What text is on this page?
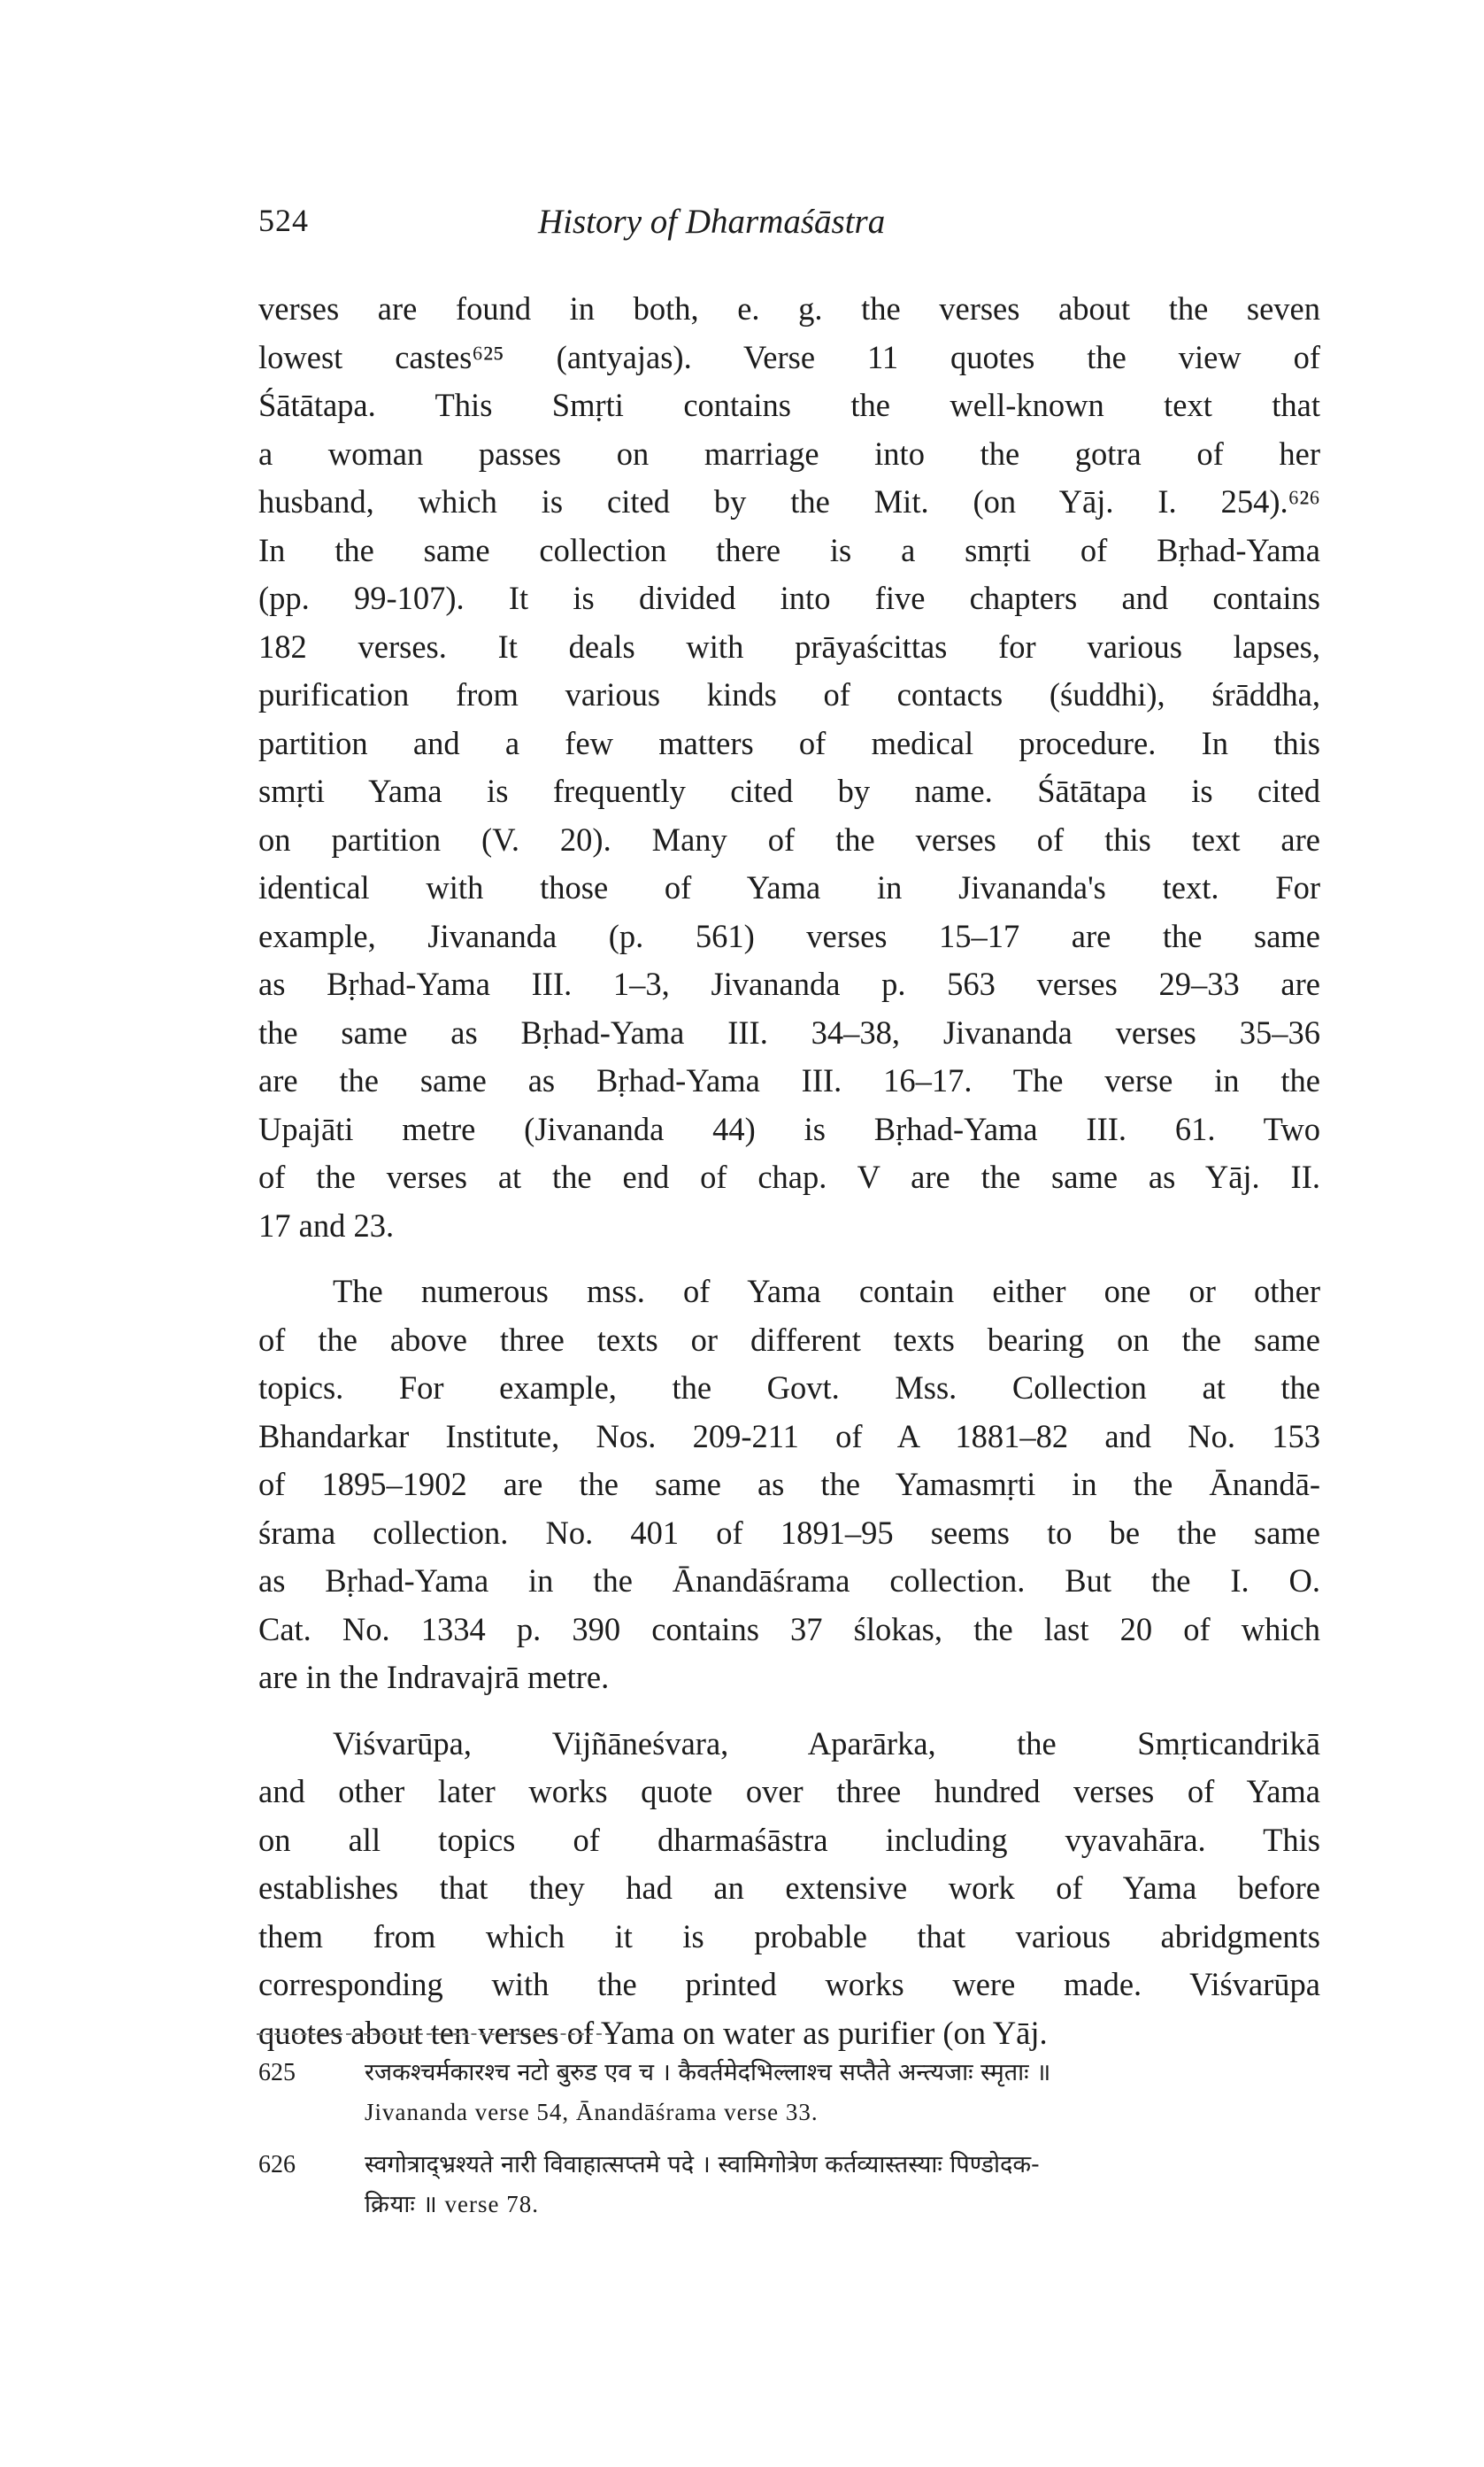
524	History of Dharmaśāstra
verses are found in both, e. g. the verses about the seven
lowest castes⁶²⁵ (antyajas). Verse 11 quotes the view of
Śātātapa. This Smṛti contains the well-known text that
a woman passes on marriage into the gotra of her
husband, which is cited by the Mit. (on Yāj. I. 254).⁶²⁶
In the same collection there is a smṛti of Bṛhad-Yama
(pp. 99-107). It is divided into five chapters and contains
182 verses. It deals with prāyaścittas for various lapses,
purification from various kinds of contacts (śuddhi), śrāddha,
partition and a few matters of medical procedure. In this
smṛti Yama is frequently cited by name. Śātātapa is cited
on partition (V. 20). Many of the verses of this text are
identical with those of Yama in Jivananda's text. For
example, Jivananda (p. 561) verses 15–17 are the same
as Bṛhad-Yama III. 1–3, Jivananda p. 563 verses 29–33 are
the same as Bṛhad-Yama III. 34–38, Jivananda verses 35–36
are the same as Bṛhad-Yama III. 16–17. The verse in the
Upajāti metre (Jivananda 44) is Bṛhad-Yama III. 61. Two
of the verses at the end of chap. V are the same as Yāj. II.
17 and 23.
The numerous mss. of Yama contain either one or other
of the above three texts or different texts bearing on the same
topics. For example, the Govt. Mss. Collection at the
Bhandarkar Institute, Nos. 209-211 of A 1881–82 and No. 153
of 1895–1902 are the same as the Yamasmṛti in the Ānandā-
śrama collection. No. 401 of 1891–95 seems to be the same
as Bṛhad-Yama in the Ānandāśrama collection. But the I. O.
Cat. No. 1334 p. 390 contains 37 ślokas, the last 20 of which
are in the Indravajrā metre.
Viśvarūpa, Vijñāneśvara, Aparārka, the Smṛticandrikā
and other later works quote over three hundred verses of Yama
on all topics of dharmaśāstra including vyavahāra. This
establishes that they had an extensive work of Yama before
them from which it is probable that various abridgments
corresponding with the printed works were made. Viśvarūpa
quotes about ten verses of Yama on water as purifier (on Yāj.
625	रजकश्चर्मकारश्च नटो बुरुड एव च । कैवर्तमेदभिल्लाश्च सप्तैते अन्त्यजाः स्मृताः ॥
Jivananda verse 54, Ānandāśrama verse 33.
626	स्वगोत्राद्भ्रश्यते नारी विवाहात्सप्तमे पदे । स्वामिगोत्रेण कर्तव्यास्तस्याः पिण्डोदक-
क्रियाः ॥ verse 78.
